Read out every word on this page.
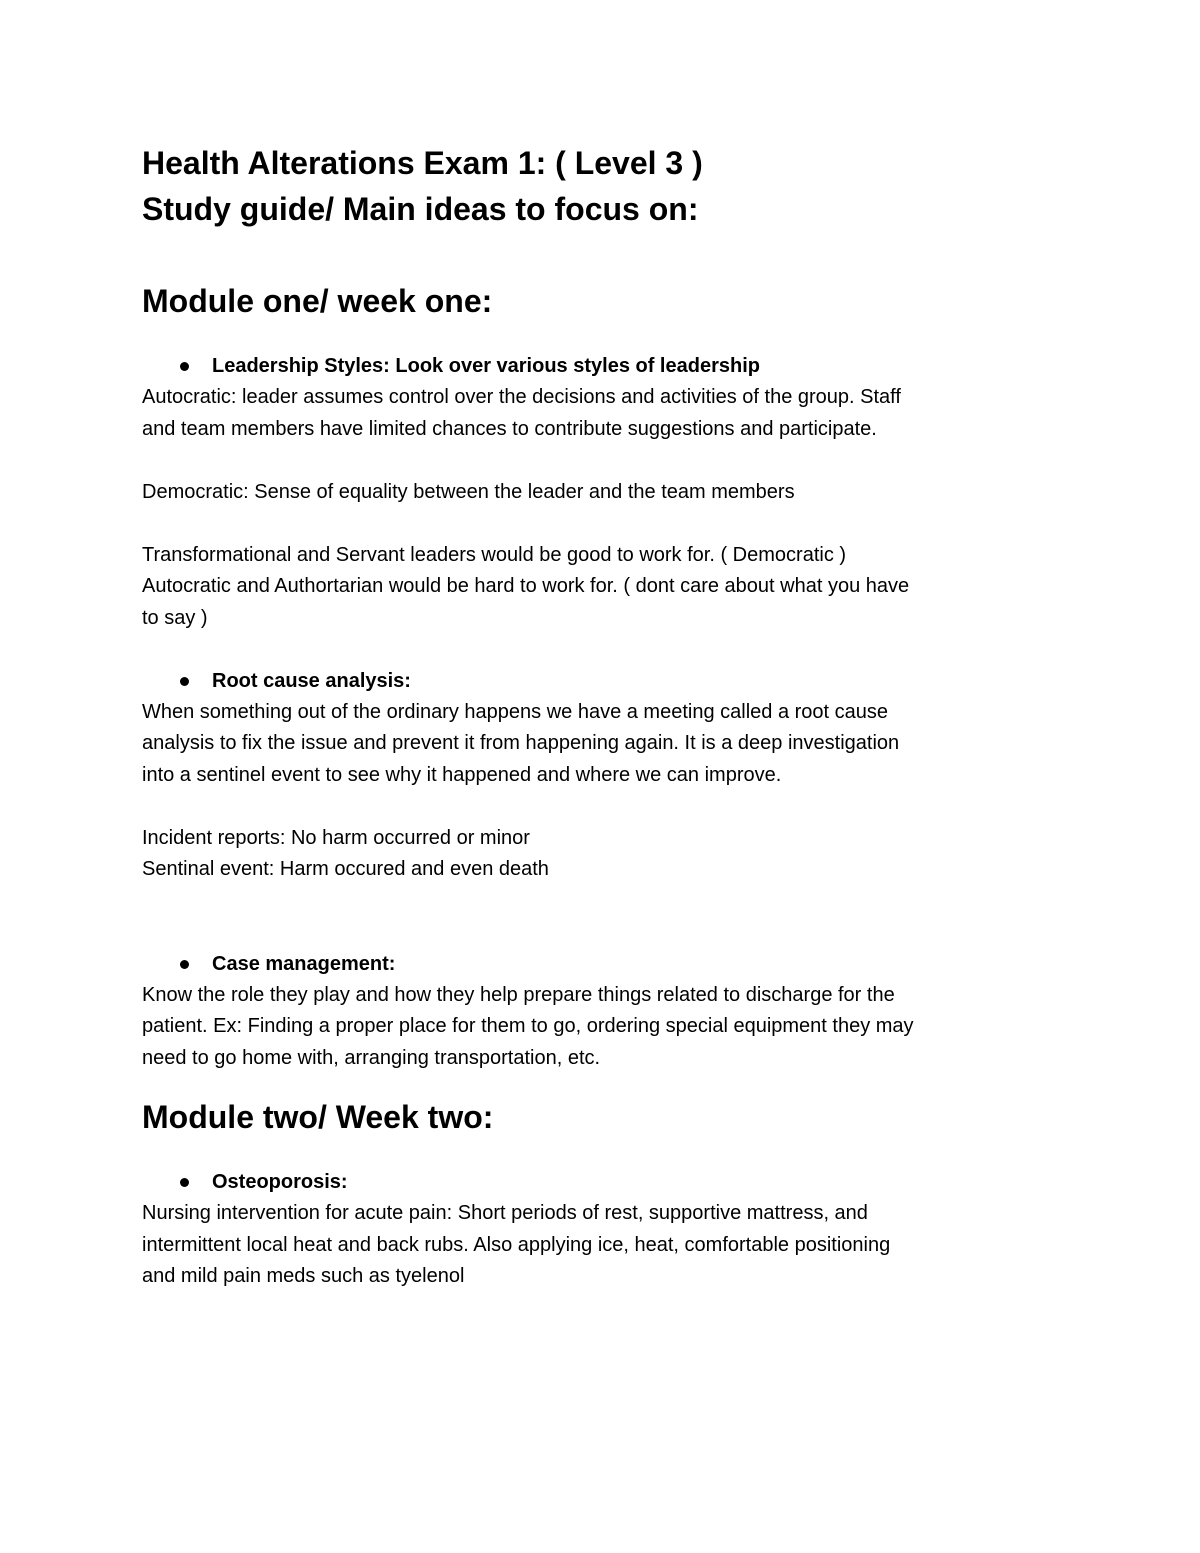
Health Alterations Exam 1: ( Level 3 )

Study guide/ Main ideas to focus on:

Module one/ week one:

Leadership Styles: Look over various styles of leadership

Autocratic: leader assumes control over the decisions and activities of the group. Staff

and team members have limited chances to contribute suggestions and participate.

Democratic: Sense of equality between the leader and the team members

Transformational and Servant leaders would be good to work for. ( Democratic )

Autocratic and Authortarian would be hard to work for. ( dont care about what you have

to say )

Root cause analysis:

When something out of the ordinary happens we have a meeting called a root cause

analysis to fix the issue and prevent it from happening again. It is a deep investigation

into a sentinel event to see why it happened and where we can improve.

Incident reports: No harm occurred or minor

Sentinal event: Harm occured and even death

Case management:

Know the role they play and how they help prepare things related to discharge for the

patient. Ex: Finding a proper place for them to go, ordering special equipment they may

need to go home with, arranging transportation, etc.

Module two/ Week two:

Osteoporosis:

Nursing intervention for acute pain: Short periods of rest, supportive mattress, and

intermittent local heat and back rubs. Also applying ice, heat, comfortable positioning

and mild pain meds such as tyelenol
